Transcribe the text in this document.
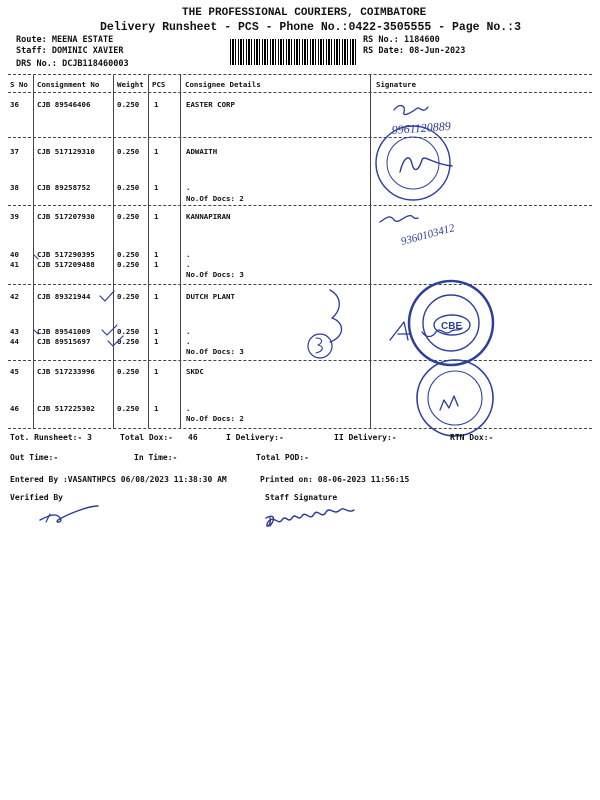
THE PROFESSIONAL COURIERS, COIMBATORE
Delivery Runsheet - PCS - Phone No.:0422-3505555 - Page No.:3
Route: MEENA ESTATE
Staff: DOMINIC XAVIER
DRS No.: DCJB118460003
RS No.: 1184600
RS Date: 08-Jun-2023
S No Consignment No Weight PCS	Consignee Details	Signature
36 CJB 89546406	0.250 1	EASTER CORP
37 CJB 517129310	0.250 1	ADWAITH
38 CJB 89258752	0.250 1	.
No.Of Docs: 2
39 CJB 517207930	0.250 1	KANNAPIRAN
40 CJB 517290395	0.250 1	.
41 CJB 517209488	0.250 1	.
No.Of Docs: 3
42 CJB 89321944	0.250 1	DUTCH PLANT
43 CJB 89541009	0.250 1	.
44 CJB 89515697	0.250 1	.
No.Of Docs: 3
45 CJB 517233996	0.250 1	SKDC
46 CJB 517225302	0.250 1	.
No.Of Docs: 2
9961120889
9360103412
CBE
Tot. Runsheet:- 3	Total Dox:- 46	I Delivery:-	II Delivery:-	RTN Dox:-
Out Time:-	In Time:-	Total POD:-
Entered By :VASANTHPCS 06/08/2023 11:38:30 AM	Printed on: 08-06-2023 11:56:15
Verified By	Staff Signature
